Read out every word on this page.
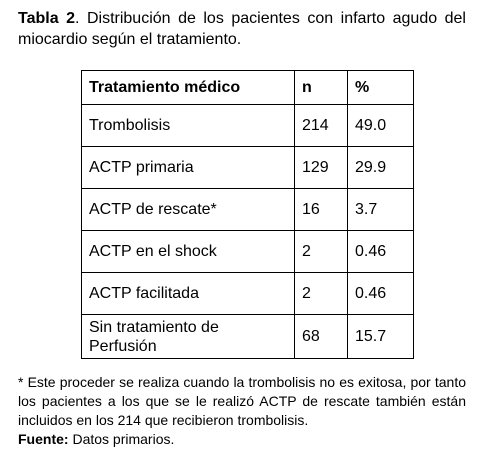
Tabla 2. Distribución de los pacientes con infarto agudo del miocardio según el tratamiento.
Tratamiento médico	n	%
Trombolisis	214	49.0
ACTP primaria	129	29.9
ACTP de rescate*	16	3.7
ACTP en el shock	2	0.46
ACTP facilitada	2	0.46
Sin tratamiento de Perfusión	68	15.7

* Este proceder se realiza cuando la trombolisis no es exitosa, por tanto los pacientes a los que se le realizó ACTP de rescate también están incluidos en los 214 que recibieron trombolisis.

Fuente: Datos primarios.
